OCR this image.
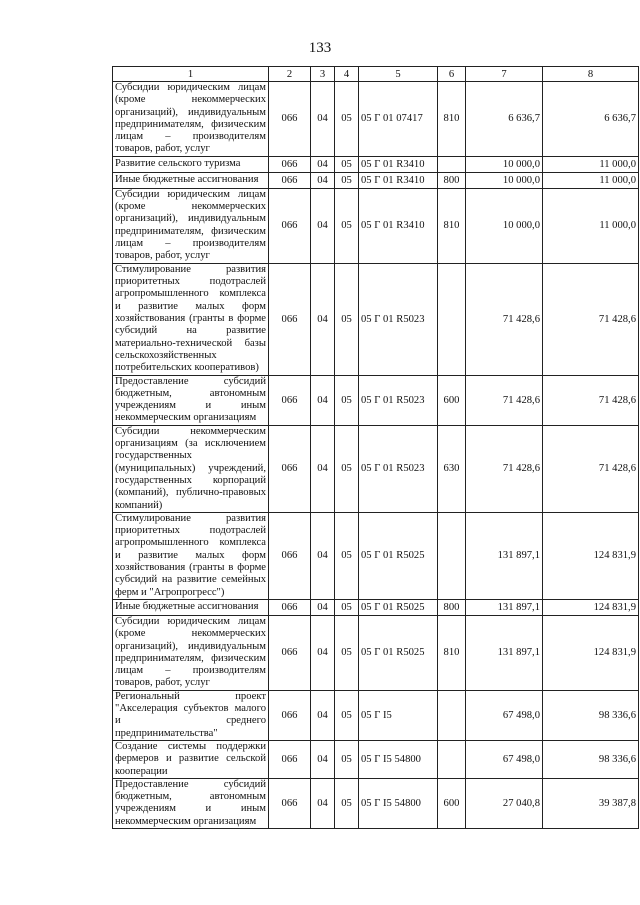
133
1	2	3	4	5	6	7	8
Субсидии юридическим лицам (кроме некоммерческих организаций), индивидуальным предпринимателям, физическим лицам – производителям товаров, работ, услуг	066	04	05	05 Г 01 07417	810	6 636,7	6 636,7
Развитие сельского туризма	066	04	05	05 Г 01 R3410		10 000,0	11 000,0
Иные бюджетные ассигнования	066	04	05	05 Г 01 R3410	800	10 000,0	11 000,0
Субсидии юридическим лицам (кроме некоммерческих организаций), индивидуальным предпринимателям, физическим лицам – производителям товаров, работ, услуг	066	04	05	05 Г 01 R3410	810	10 000,0	11 000,0
Стимулирование развития приоритетных подотраслей агропромышленного комплекса и развитие малых форм хозяйствования (гранты в форме субсидий на развитие материально-технической базы сельскохозяйственных потребительских кооперативов)	066	04	05	05 Г 01 R5023		71 428,6	71 428,6
Предоставление субсидий бюджетным, автономным учреждениям и иным некоммерческим организациям	066	04	05	05 Г 01 R5023	600	71 428,6	71 428,6
Субсидии некоммерческим организациям (за исключением государственных (муниципальных) учреждений, государственных корпораций (компаний), публично-правовых компаний)	066	04	05	05 Г 01 R5023	630	71 428,6	71 428,6
Стимулирование развития приоритетных подотраслей агропромышленного комплекса и развитие малых форм хозяйствования (гранты в форме субсидий на развитие семейных ферм и "Агропрогресс")	066	04	05	05 Г 01 R5025		131 897,1	124 831,9
Иные бюджетные ассигнования	066	04	05	05 Г 01 R5025	800	131 897,1	124 831,9
Субсидии юридическим лицам (кроме некоммерческих организаций), индивидуальным предпринимателям, физическим лицам – производителям товаров, работ, услуг	066	04	05	05 Г 01 R5025	810	131 897,1	124 831,9
Региональный проект "Акселерация субъектов малого и среднего предпринимательства"	066	04	05	05 Г I5		67 498,0	98 336,6
Создание системы поддержки фермеров и развитие сельской кооперации	066	04	05	05 Г I5 54800		67 498,0	98 336,6
Предоставление субсидий бюджетным, автономным учреждениям и иным некоммерческим организациям	066	04	05	05 Г I5 54800	600	27 040,8	39 387,8
